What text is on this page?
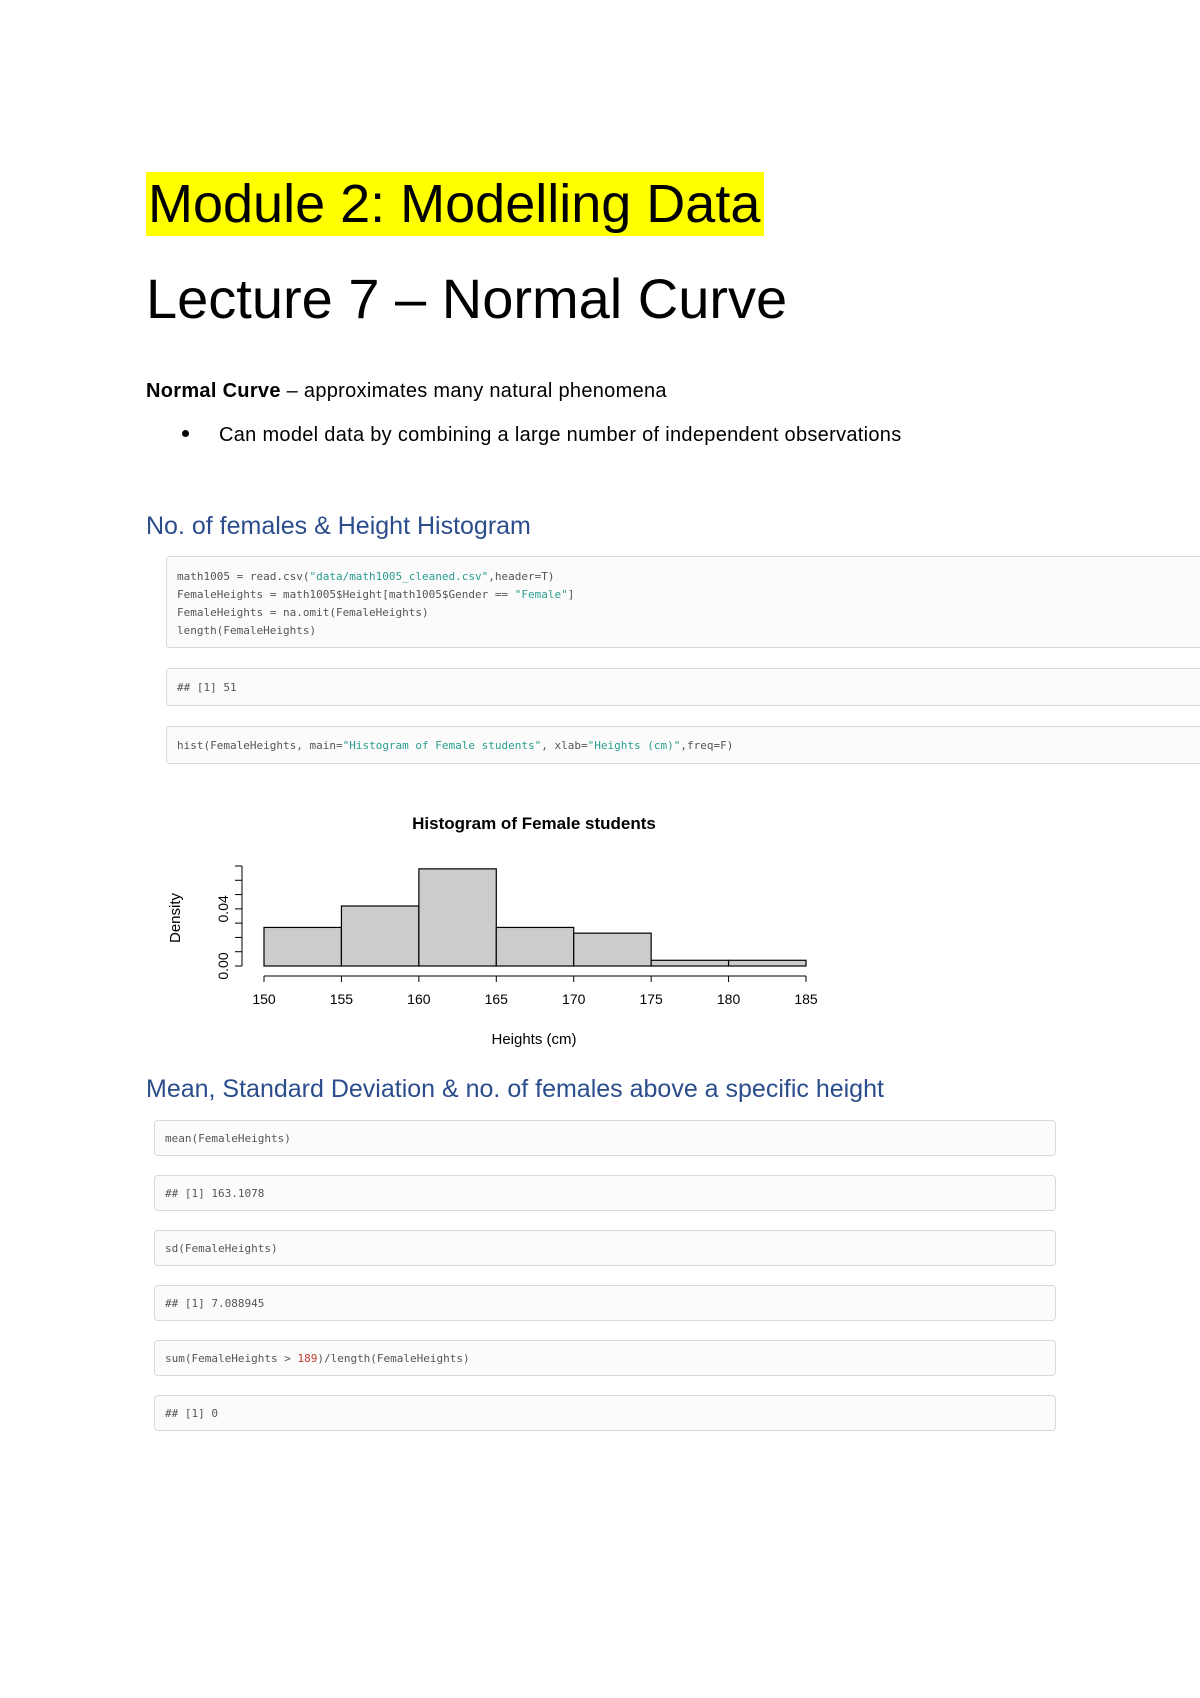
Module 2: Modelling Data
Lecture 7 – Normal Curve
Normal Curve – approximates many natural phenomena
Can model data by combining a large number of independent observations
No. of females & Height Histogram
math1005 = read.csv("data/math1005_cleaned.csv",header=T)
FemaleHeights = math1005$Height[math1005$Gender == "Female"]
FemaleHeights = na.omit(FemaleHeights)
length(FemaleHeights)
## [1] 51
hist(FemaleHeights, main="Histogram of Female students", xlab="Heights (cm)",freq=F)
Histogram of Female students
150	155	160	165	170	175	180	185
Heights (cm)
0.00
0.04
Density
Mean, Standard Deviation & no. of females above a specific height
mean(FemaleHeights)
## [1] 163.1078
sd(FemaleHeights)
## [1] 7.088945
sum(FemaleHeights > 189)/length(FemaleHeights)
## [1] 0
